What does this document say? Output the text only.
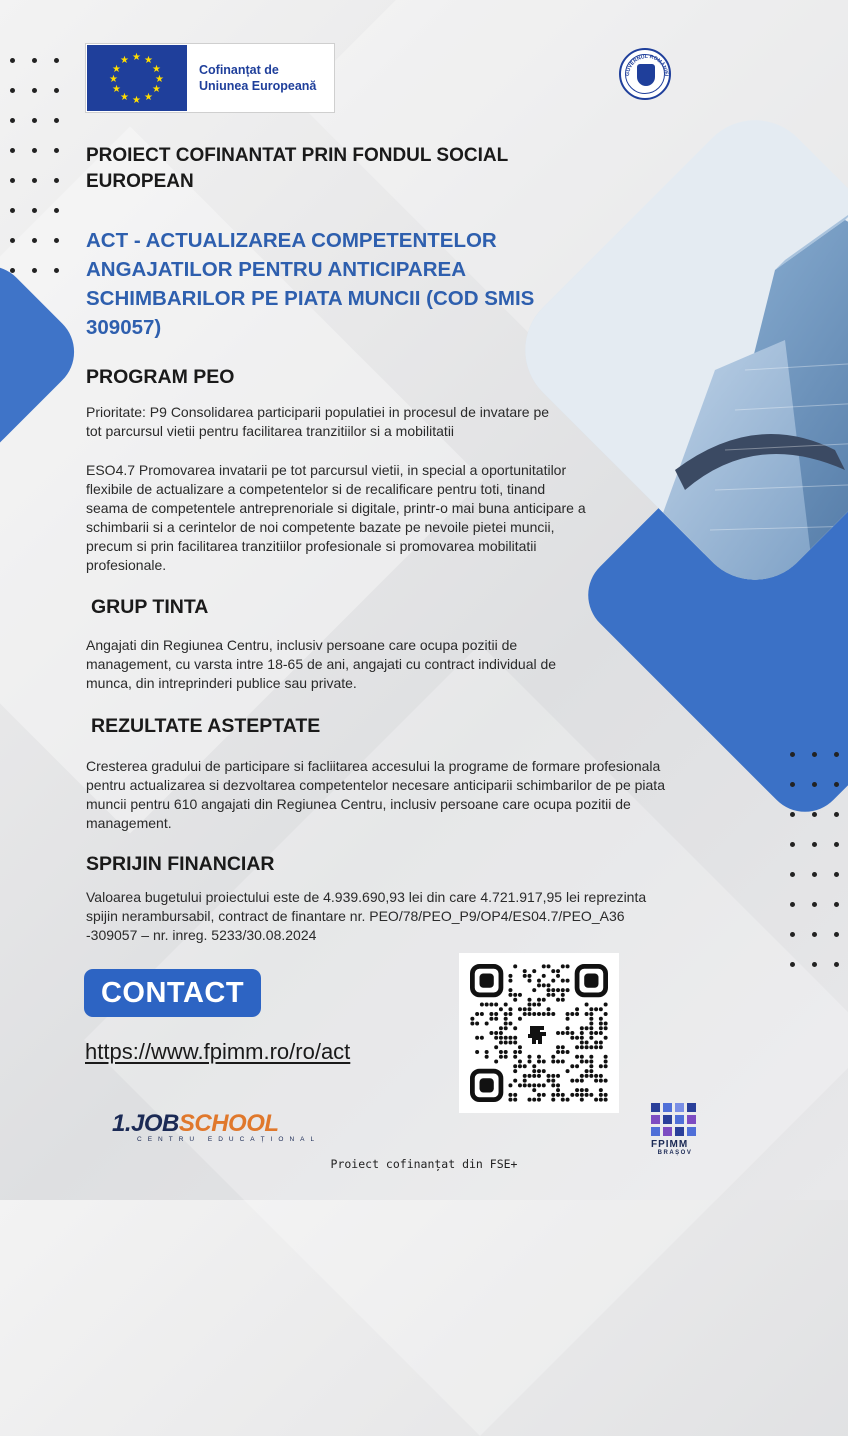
★ ★
★
★
★
★
★
★
★
★
★
★
Cofinanțat de
Uniunea Europeană
GUVERNUL ROMÂNIEI
PROIECT COFINANTAT PRIN FONDUL SOCIAL EUROPEAN
ACT - ACTUALIZAREA COMPETENTELOR ANGAJATILOR PENTRU ANTICIPAREA SCHIMBARILOR PE PIATA MUNCII (COD SMIS 309057)
PROGRAM PEO

Prioritate: P9 Consolidarea participarii populatiei in procesul de invatare pe tot parcursul vietii pentru facilitarea tranzitiilor si a mobilitatii

ESO4.7 Promovarea invatarii pe tot parcursul vietii, in special a oportunitatilor flexibile de actualizare a competentelor si de recalificare pentru toti, tinand seama de competentele antreprenoriale si digitale, printr-o mai buna anticipare a schimbarii si a cerintelor de noi competente bazate pe nevoile pietei muncii, precum si prin facilitarea tranzitiilor profesionale si promovarea mobilitatii profesionale.

GRUP TINTA

Angajati din Regiunea Centru, inclusiv persoane care ocupa pozitii de management, cu varsta intre 18-65 de ani, angajati cu contract individual de munca, din intreprinderi publice sau private.

REZULTATE ASTEPTATE

Cresterea gradului de participare si facliitarea accesului la programe de formare profesionala pentru actualizarea si dezvoltarea competentelor necesare anticiparii schimbarilor de pe piata muncii pentru 610 angajati din Regiunea Centru, inclusiv persoane care ocupa pozitii de management.

SPRIJIN FINANCIAR

Valoarea bugetului proiectului este de 4.939.690,93 lei din care 4.721.917,95 lei reprezinta spijin nerambursabil, contract de finantare nr. PEO/78/PEO_P9/OP4/ES04.7/PEO_A36 -309057 – nr. inreg. 5233/30.08.2024

CONTACT
https://www.fpimm.ro/ro/act
1.JOBSCHOOL
CENTRU EDUCAȚIONAL	FPIMM
BRAȘOV
Proiect cofinanțat din FSE+
